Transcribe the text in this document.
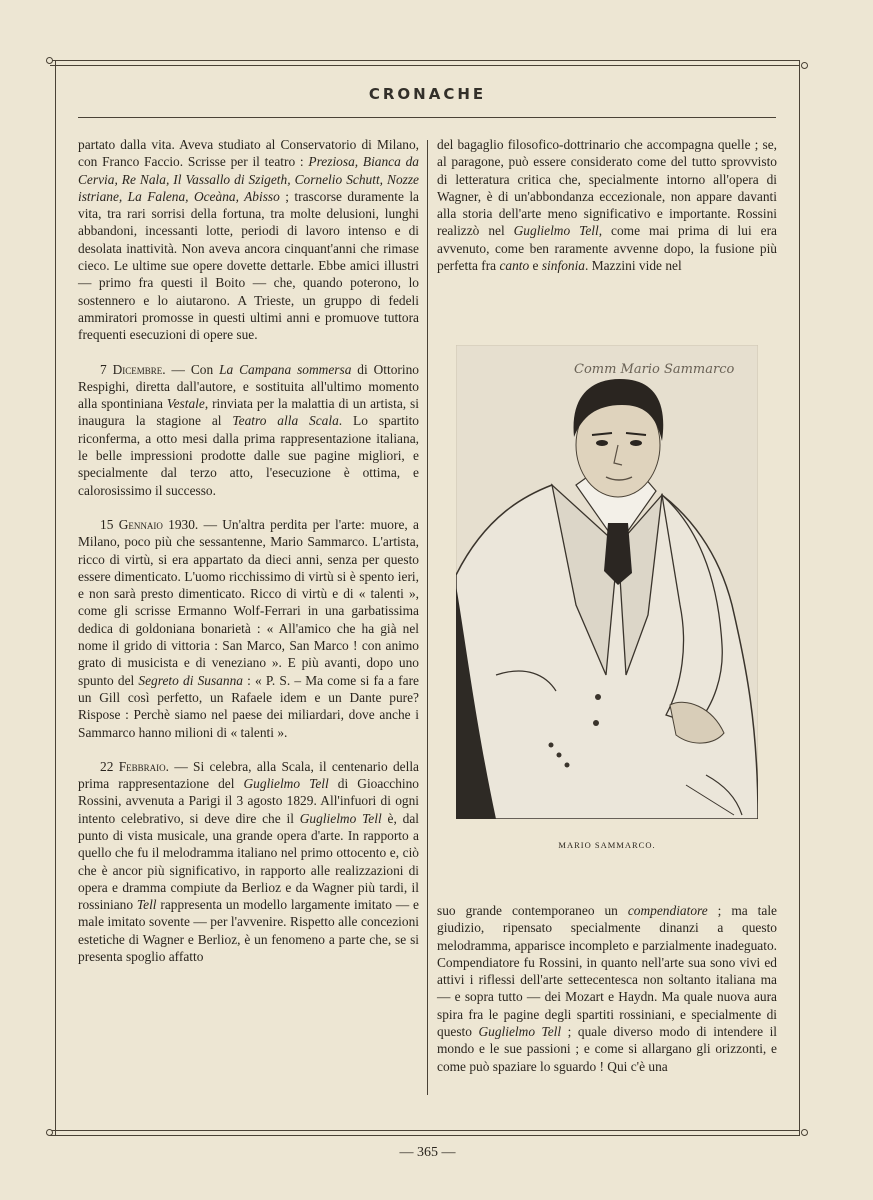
CRONACHE

partato dalla vita. Aveva studiato al Conservatorio di Milano, con Franco Faccio. Scrisse per il teatro : Preziosa, Bianca da Cervia, Re Nala, Il Vassallo di Szigeth, Cornelio Schutt, Nozze istriane, La Falena, Oceàna, Abisso ; trascorse duramente la vita, tra rari sorrisi della fortuna, tra molte delusioni, lunghi abbandoni, incessanti lotte, periodi di lavoro intenso e di desolata inattività. Non aveva ancora cinquant'anni che rimase cieco. Le ultime sue opere dovette dettarle. Ebbe amici illustri — primo fra questi il Boito — che, quando poterono, lo sostennero e lo aiutarono. A Trieste, un gruppo di fedeli ammiratori promosse in questi ultimi anni e promuove tuttora frequenti esecuzioni di opere sue.

7 Dicembre. — Con La Campana sommersa di Ottorino Respighi, diretta dall'autore, e sostituita all'ultimo momento alla spontiniana Vestale, rinviata per la malattia di un artista, si inaugura la stagione al Teatro alla Scala. Lo spartito riconferma, a otto mesi dalla prima rappresentazione italiana, le belle impressioni prodotte dalle sue pagine migliori, e specialmente dal terzo atto, l'esecuzione è ottima, e calorosissimo il successo.

15 Gennaio 1930. — Un'altra perdita per l'arte: muore, a Milano, poco più che sessantenne, Mario Sammarco. L'artista, ricco di virtù, si era appartato da dieci anni, senza per questo essere dimenticato. L'uomo ricchissimo di virtù si è spento ieri, e non sarà presto dimenticato. Ricco di virtù e di « talenti », come gli scrisse Ermanno Wolf-Ferrari in una garbatissima dedica di goldoniana bonarietà : « All'amico che ha già nel nome il grido di vittoria : San Marco, San Marco ! con animo grato di musicista e di veneziano ». E più avanti, dopo uno spunto del Segreto di Susanna : « P. S. – Ma come si fa a fare un Gill così perfetto, un Rafaele idem e un Dante pure? Rispose : Perchè siamo nel paese dei miliardari, dove anche i Sammarco hanno milioni di « talenti ».

22 Febbraio. — Si celebra, alla Scala, il centenario della prima rappresentazione del Guglielmo Tell di Gioacchino Rossini, avvenuta a Parigi il 3 agosto 1829. All'infuori di ogni intento celebrativo, si deve dire che il Guglielmo Tell è, dal punto di vista musicale, una grande opera d'arte. In rapporto a quello che fu il melodramma italiano nel primo ottocento e, ciò che è ancor più significativo, in rapporto alle realizzazioni di opera e dramma compiute da Berlioz e da Wagner più tardi, il rossiniano Tell rappresenta un modello largamente imitato — e male imitato sovente — per l'avvenire. Rispetto alle concezioni estetiche di Wagner e Berlioz, è un fenomeno a parte che, se si presenta spoglio affatto

del bagaglio filosofico-dottrinario che accompagna quelle ; se, al paragone, può essere considerato come del tutto sprovvisto di letteratura critica che, specialmente intorno all'opera di Wagner, è di un'abbondanza eccezionale, non appare davanti alla storia dell'arte meno significativo e importante. Rossini realizzò nel Guglielmo Tell, come mai prima di lui era avvenuto, come ben raramente avvenne dopo, la fusione più perfetta fra canto e sinfonia. Mazzini vide nel

Comm Mario Sammarco
MARIO SAMMARCO.

suo grande contemporaneo un compendiatore ; ma tale giudizio, ripensato specialmente dinanzi a questo melodramma, apparisce incompleto e parzialmente inadeguato. Compendiatore fu Rossini, in quanto nell'arte sua sono vivi ed attivi i riflessi dell'arte settecentesca non soltanto italiana ma — e sopra tutto — dei Mozart e Haydn. Ma quale nuova aura spira fra le pagine degli spartiti rossiniani, e specialmente di questo Guglielmo Tell ; quale diverso modo di intendere il mondo e le sue passioni ; e come si allargano gli orizzonti, e come può spaziare lo sguardo ! Qui c'è una

— 365 —
